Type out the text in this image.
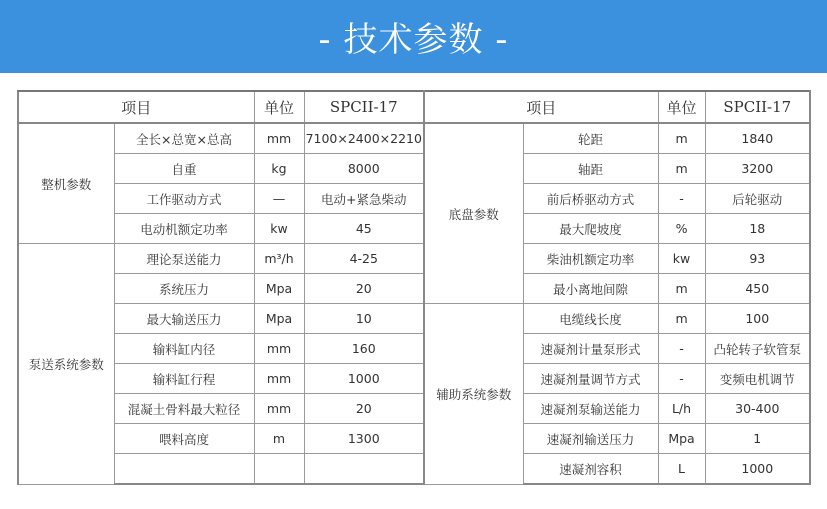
- 技术参数 -
项目		单位	SPCII-17	项目		单位	SPCII-17
整机参数	全长×总宽×总高	mm	7100×2400×2210	底盘参数	轮距	m	1840
	自重	kg	8000		轴距	m	3200
	工作驱动方式	—	电动+紧急柴动		前后桥驱动方式	-	后轮驱动
	电动机额定功率	kw	45		最大爬坡度	%	18
泵送系统参数	理论泵送能力	m³/h	4-25		柴油机额定功率	kw	93
	系统压力	Mpa	20		最小离地间隙	m	450
	最大输送压力	Mpa	10	辅助系统参数	电缆线长度	m	100
	输料缸内径	mm	160		速凝剂计量泵形式	-	凸轮转子软管泵
	输料缸行程	mm	1000		速凝剂量调节方式	-	变频电机调节
	混凝土骨料最大粒径	mm	20		速凝剂泵输送能力	L/h	30-400
	喂料高度	m	1300		速凝剂输送压力	Mpa	1
					速凝剂容积	L	1000
